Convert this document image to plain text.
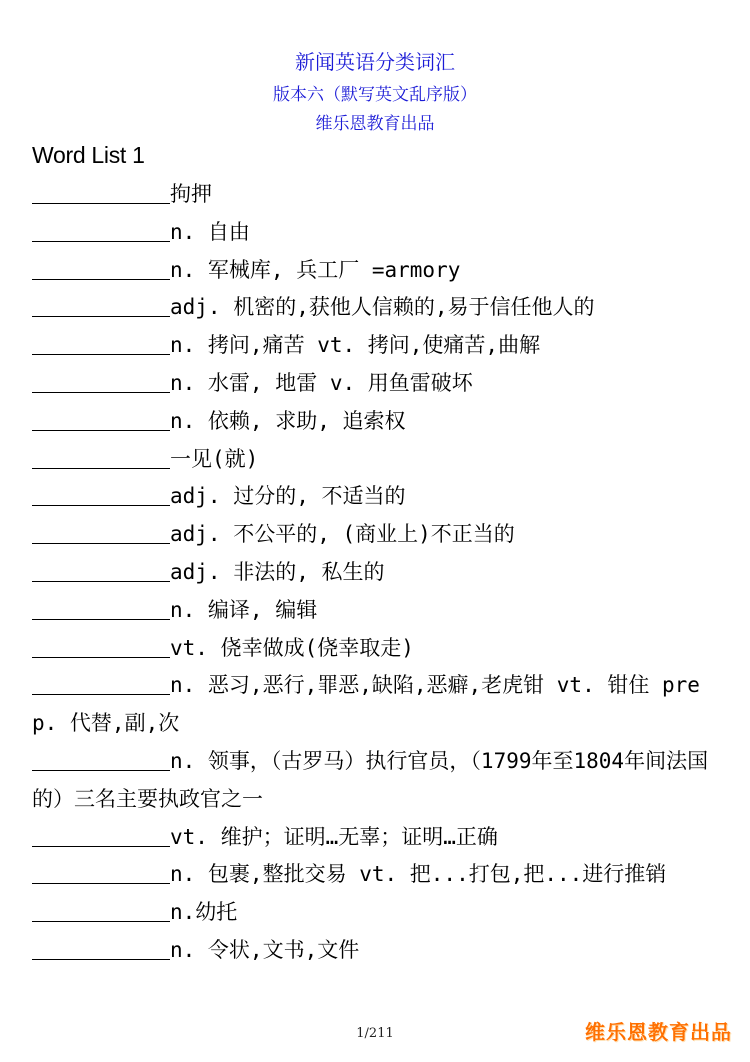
新闻英语分类词汇
版本六（默写英文乱序版）
维乐恩教育出品
Word List 1
拘押
n. 自由
n. 军械库, 兵工厂 =armory
adj. 机密的,获他人信赖的,易于信任他人的
n. 拷问,痛苦 vt. 拷问,使痛苦,曲解
n. 水雷, 地雷 v. 用鱼雷破坏
n. 依赖, 求助, 追索权
一见(就)
adj. 过分的, 不适当的
adj. 不公平的, (商业上)不正当的
adj. 非法的, 私生的
n. 编译, 编辑
vt. 侥幸做成(侥幸取走)
n. 恶习,恶行,罪恶,缺陷,恶癖,老虎钳 vt. 钳住 prep. 代替,副,次
n. 领事，（古罗马）执行官员，（1799年至1804年间法国的）三名主要执政官之一
vt. 维护；证明…无辜；证明…正确
n. 包裹,整批交易 vt. 把...打包,把...进行推销
n.幼托
n. 令状,文书,文件
1/211	维乐恩教育出品
